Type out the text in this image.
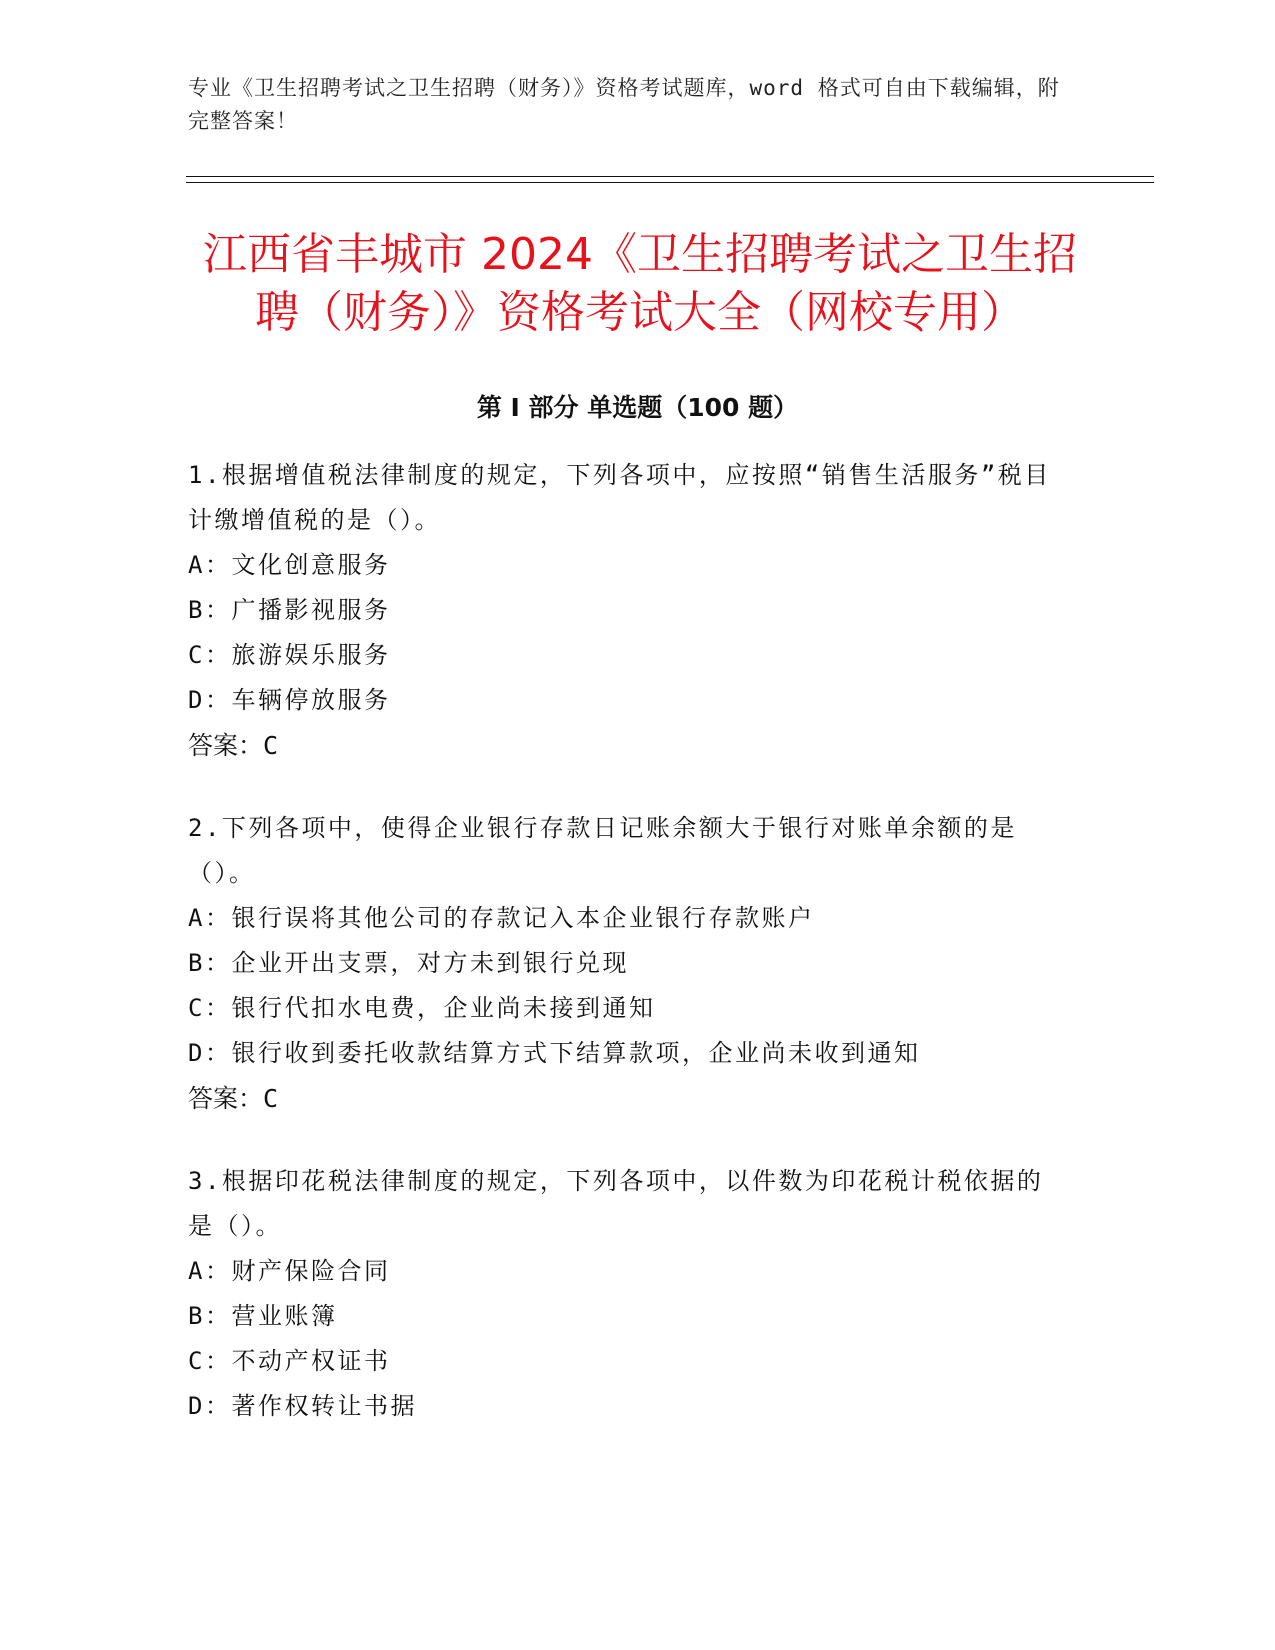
专业《卫生招聘考试之卫生招聘（财务）》资格考试题库，word 格式可自由下载编辑，附完整答案！
江西省丰城市 2024《卫生招聘考试之卫生招聘（财务）》资格考试大全（网校专用）
第 I 部分 单选题（100 题）

1.根据增值税法律制度的规定，下列各项中，应按照“销售生活服务”税目计缴增值税的是（）。

A：文化创意服务

B：广播影视服务

C：旅游娱乐服务

D：车辆停放服务

答案：C

2.下列各项中，使得企业银行存款日记账余额大于银行对账单余额的是（）。

A：银行误将其他公司的存款记入本企业银行存款账户

B：企业开出支票，对方未到银行兑现

C：银行代扣水电费，企业尚未接到通知

D：银行收到委托收款结算方式下结算款项，企业尚未收到通知

答案：C

3.根据印花税法律制度的规定，下列各项中，以件数为印花税计税依据的是（）。

A：财产保险合同

B：营业账簿

C：不动产权证书

D：著作权转让书据
